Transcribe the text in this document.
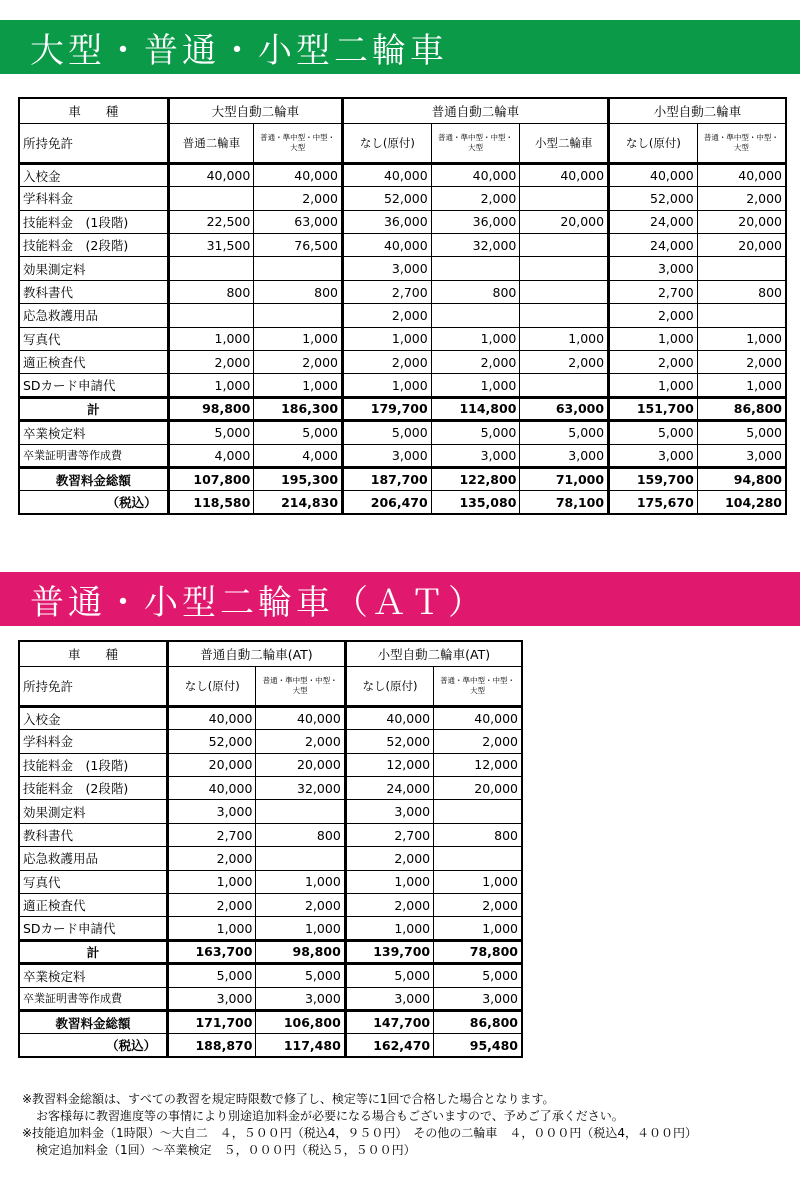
大型・普通・小型二輪車
車　　種	大型自動二輪車		普通自動二輪車			小型自動二輪車	
所持免許	普通二輪車	普通・準中型・中型・大型	なし(原付)	普通・準中型・中型・大型	小型二輪車	なし(原付)	普通・準中型・中型・大型
入校金	40,000	40,000	40,000	40,000	40,000	40,000	40,000
学科料金		2,000	52,000	2,000		52,000	2,000
技能料金　(1段階)	22,500	63,000	36,000	36,000	20,000	24,000	20,000
技能料金　(2段階)	31,500	76,500	40,000	32,000		24,000	20,000
効果測定料			3,000			3,000	
教科書代	800	800	2,700	800		2,700	800
応急救護用品			2,000			2,000	
写真代	1,000	1,000	1,000	1,000	1,000	1,000	1,000
適正検査代	2,000	2,000	2,000	2,000	2,000	2,000	2,000
SDカード申請代	1,000	1,000	1,000	1,000		1,000	1,000
計	98,800	186,300	179,700	114,800	63,000	151,700	86,800
卒業検定料	5,000	5,000	5,000	5,000	5,000	5,000	5,000
卒業証明書等作成費	4,000	4,000	3,000	3,000	3,000	3,000	3,000
教習料金総額	107,800	195,300	187,700	122,800	71,000	159,700	94,800
（税込）	118,580	214,830	206,470	135,080	78,100	175,670	104,280
普通・小型二輪車（ＡＴ）
車　　種	普通自動二輪車(AT)		小型自動二輪車(AT)	
所持免許	なし(原付)	普通・準中型・中型・大型	なし(原付)	普通・準中型・中型・大型
入校金	40,000	40,000	40,000	40,000
学科料金	52,000	2,000	52,000	2,000
技能料金　(1段階)	20,000	20,000	12,000	12,000
技能料金　(2段階)	40,000	32,000	24,000	20,000
効果測定料	3,000		3,000	
教科書代	2,700	800	2,700	800
応急救護用品	2,000		2,000	
写真代	1,000	1,000	1,000	1,000
適正検査代	2,000	2,000	2,000	2,000
SDカード申請代	1,000	1,000	1,000	1,000
計	163,700	98,800	139,700	78,800
卒業検定料	5,000	5,000	5,000	5,000
卒業証明書等作成費	3,000	3,000	3,000	3,000
教習料金総額	171,700	106,800	147,700	86,800
（税込）	188,870	117,480	162,470	95,480
※教習料金総額は、すべての教習を規定時限数で修了し、検定等に1回で合格した場合となります。
お客様毎に教習進度等の事情により別途追加料金が必要になる場合もございますので、予めご了承ください。
※技能追加料金（1時限）～大自二　４，５００円（税込4，９５０円）　その他の二輪車　４，０００円（税込4，４００円）
検定追加料金（1回）～卒業検定　５，０００円（税込５，５００円）
